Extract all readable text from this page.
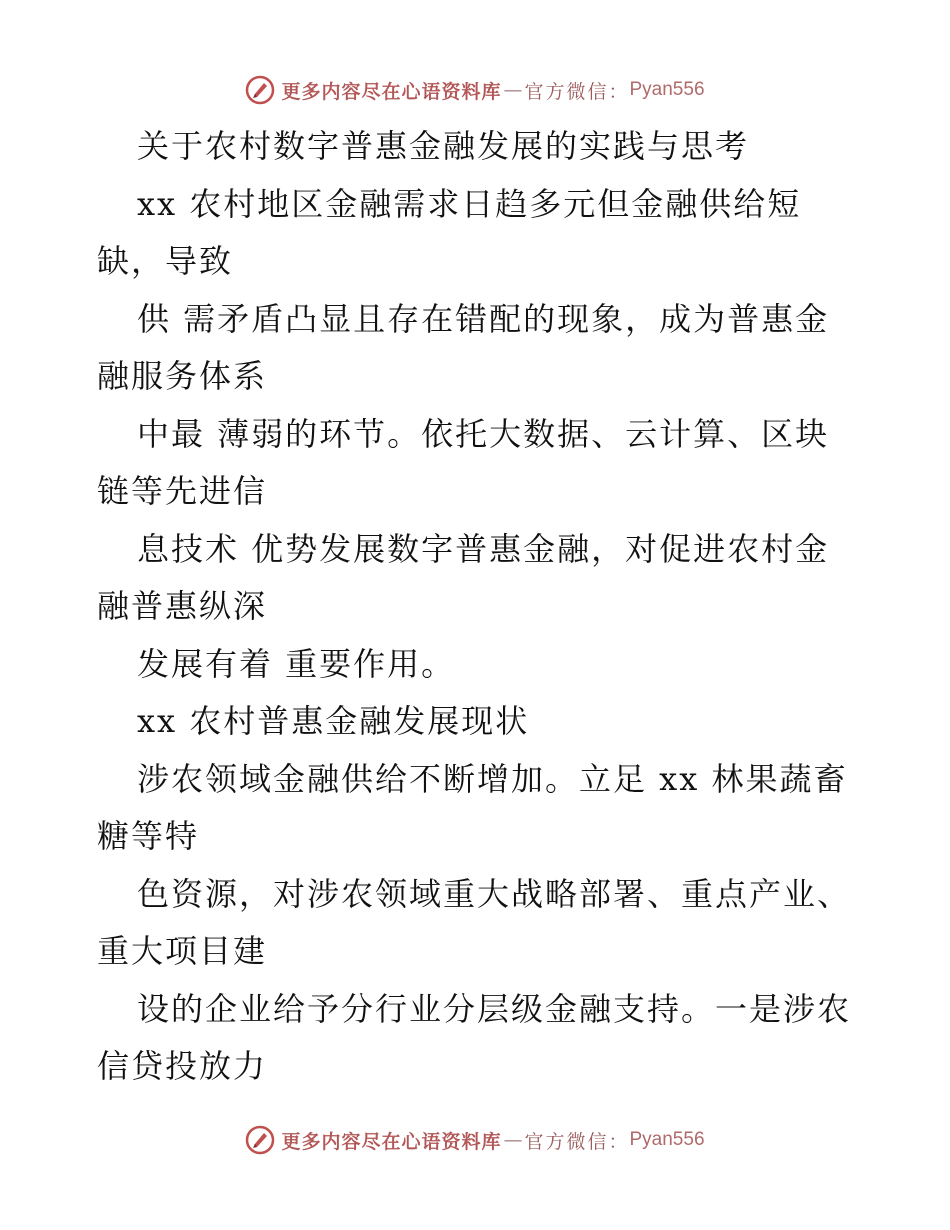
更多内容尽在心语资料库 — 官方微信： Pyan556
关于农村数字普惠金融发展的实践与思考
xx 农村地区金融需求日趋多元但金融供给短
缺，导致
供 需矛盾凸显且存在错配的现象，成为普惠金
融服务体系
中最 薄弱的环节。依托大数据、云计算、区块
链等先进信
息技术 优势发展数字普惠金融，对促进农村金
融普惠纵深
发展有着 重要作用。
xx 农村普惠金融发展现状
涉农领域金融供给不断增加。立足 xx 林果蔬畜
糖等特
色资源，对涉农领域重大战略部署、重点产业、
重大项目建
设的企业给予分行业分层级金融支持。一是涉农
信贷投放力
更多内容尽在心语资料库 — 官方微信： Pyan556
